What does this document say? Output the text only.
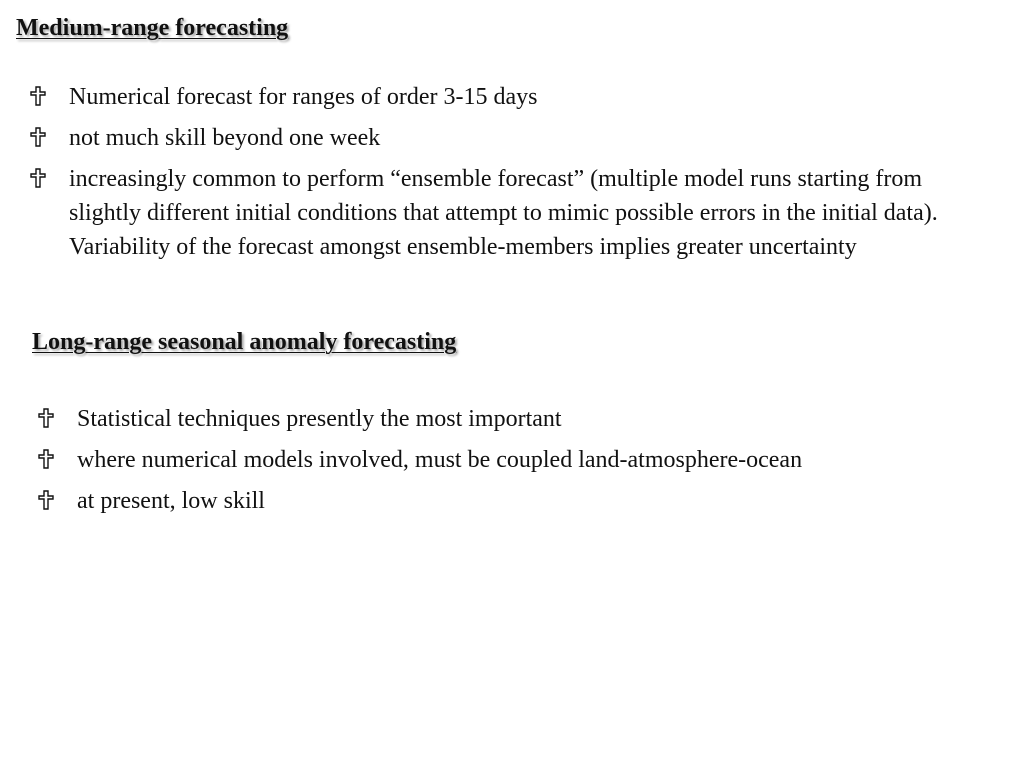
Medium-range forecasting
Numerical forecast for ranges of order 3-15 days
not much skill beyond one week
increasingly common to perform “ensemble forecast” (multiple model runs starting from slightly different initial conditions that attempt to mimic possible errors in the initial data). Variability of the forecast amongst ensemble-members implies greater uncertainty
Long-range seasonal anomaly forecasting
Statistical techniques presently the most important
where numerical models involved, must be coupled land-atmosphere-ocean
at present, low skill
